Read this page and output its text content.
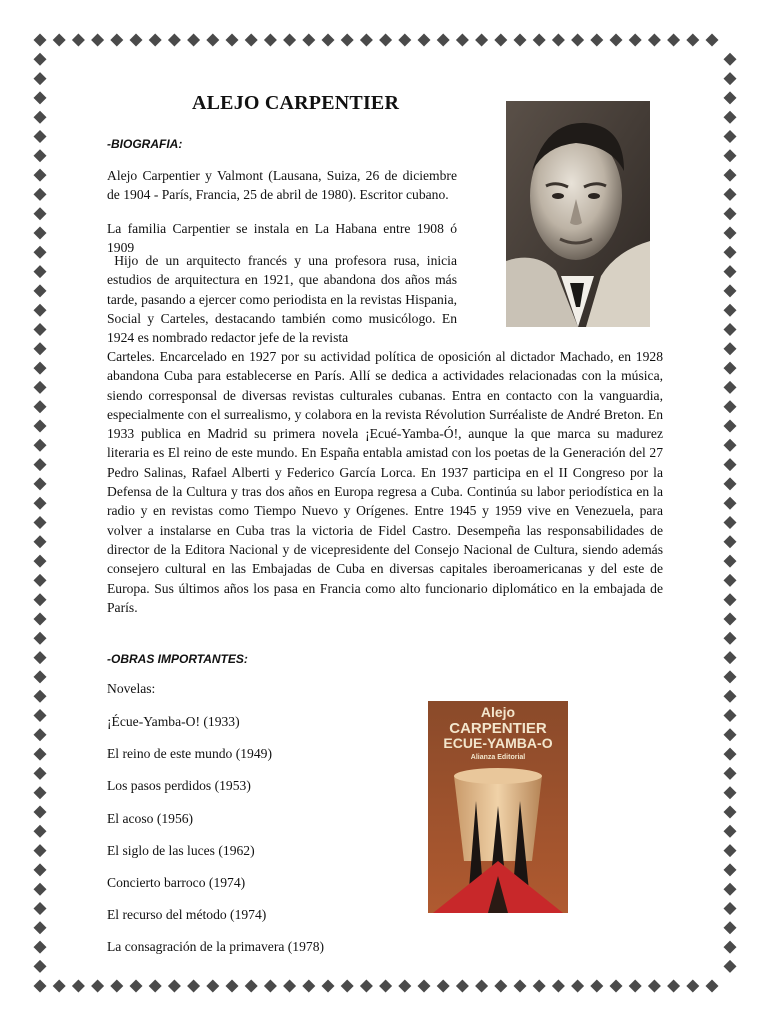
ALEJO CARPENTIER
-BIOGRAFIA:
Alejo Carpentier y Valmont (Lausana, Suiza, 26 de diciembre de 1904 - París, Francia, 25 de abril de 1980). Escritor cubano.
La familia Carpentier se instala en La Habana entre 1908 ó 1909
Hijo de un arquitecto francés y una profesora rusa, inicia estudios de arquitectura en 1921, que abandona dos años más tarde, pasando a ejercer como periodista en la revistas Hispania, Social y Carteles, destacando también como musicólogo. En 1924 es nombrado redactor jefe de la revista
Carteles. Encarcelado en 1927 por su actividad política de oposición al dictador Machado, en 1928 abandona Cuba para establecerse en París. Allí se dedica a actividades relacionadas con la música, siendo corresponsal de diversas revistas culturales cubanas. Entra en contacto con la vanguardia, especialmente con el surrealismo, y colabora en la revista Révolution Surréaliste de André Breton. En 1933 publica en Madrid su primera novela ¡Ecué-Yamba-Ó!, aunque la que marca su madurez literaria es El reino de este mundo. En España entabla amistad con los poetas de la Generación del 27 Pedro Salinas, Rafael Alberti y Federico García Lorca. En 1937 participa en el II Congreso por la Defensa de la Cultura y tras dos años en Europa regresa a Cuba. Continúa su labor periodística en la radio y en revistas como Tiempo Nuevo y Orígenes. Entre 1945 y 1959 vive en Venezuela, para volver a instalarse en Cuba tras la victoria de Fidel Castro. Desempeña las responsabilidades de director de la Editora Nacional y de vicepresidente del Consejo Nacional de Cultura, siendo además consejero cultural en las Embajadas de Cuba en diversas capitales iberoamericanas y del este de Europa. Sus últimos años los pasa en Francia como alto funcionario diplomático en la embajada de París.
-OBRAS IMPORTANTES:
Novelas:
¡Écue-Yamba-O! (1933)
El reino de este mundo (1949)
Los pasos perdidos (1953)
El acoso (1956)
El siglo de las luces (1962)
Concierto barroco (1974)
El recurso del método (1974)
La consagración de la primavera (1978)
Alejo
CARPENTIER
ECUE-YAMBA-O
Alianza Editorial
